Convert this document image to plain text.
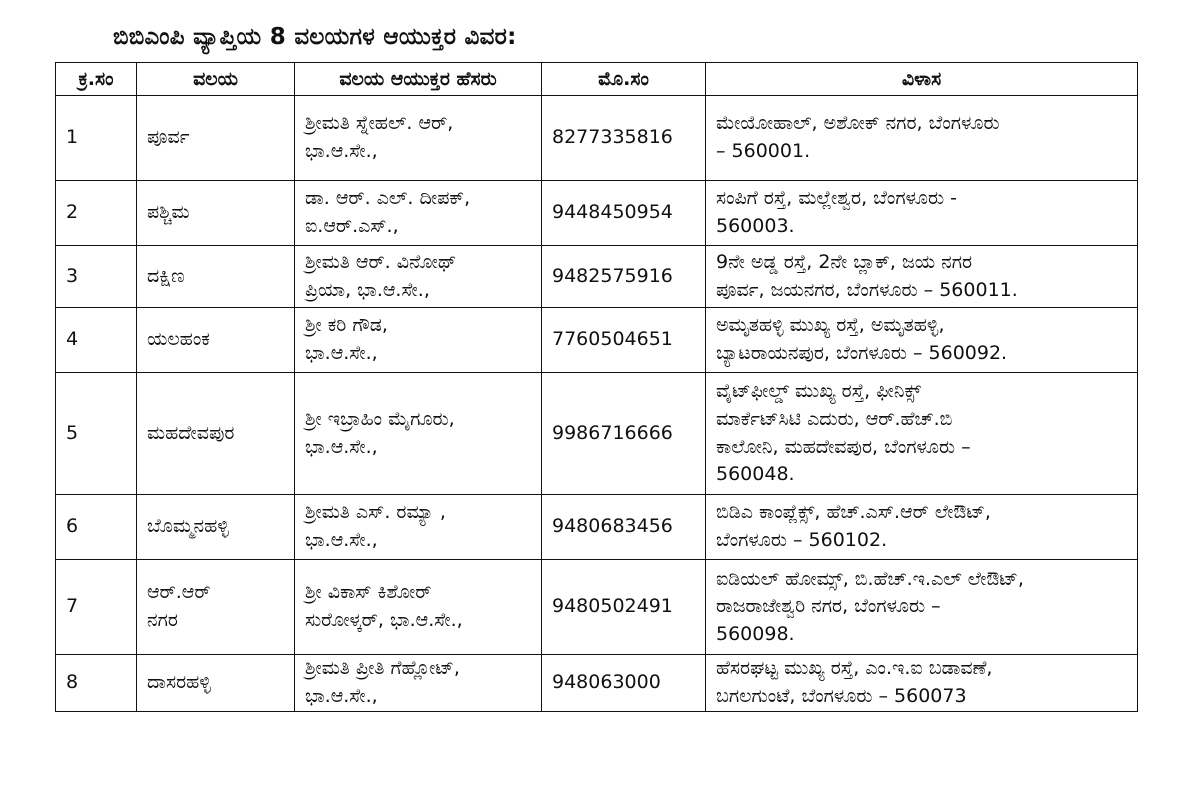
ಬಿಬಿಎಂಪಿ ವ್ಯಾಪ್ತಿಯ 8 ವಲಯಗಳ ಆಯುಕ್ತರ ವಿವರ:
ಕ್ರ.ಸಂ	ವಲಯ	ವಲಯ ಆಯುಕ್ತರ ಹೆಸರು	ಮೊ.ಸಂ	ವಿಳಾಸ
1	ಪೂರ್ವ	ಶ್ರೀಮತಿ ಸ್ನೇಹಲ್. ಆರ್,
ಭಾ.ಆ.ಸೇ.,	8277335816	ಮೇಯೋಹಾಲ್, ಅಶೋಕ್ ನಗರ, ಬೆಂಗಳೂರು
– 560001.

2	ಪಶ್ಚಿಮ	ಡಾ. ಆರ್. ಎಲ್. ದೀಪಕ್,
ಐ.ಆರ್.ಎಸ್.,	9448450954	ಸಂಪಿಗೆ ರಸ್ತೆ, ಮಲ್ಲೇಶ್ವರ, ಬೆಂಗಳೂರು -
560003.

3	ದಕ್ಷಿಣ	ಶ್ರೀಮತಿ ಆರ್. ವಿನೋಥ್
ಪ್ರಿಯಾ, ಭಾ.ಆ.ಸೇ.,	9482575916	9ನೇ ಅಡ್ಡ ರಸ್ತೆ, 2ನೇ ಬ್ಲಾಕ್, ಜಯ ನಗರ
ಪೂರ್ವ, ಜಯನಗರ, ಬೆಂಗಳೂರು – 560011.

4	ಯಲಹಂಕ	ಶ್ರೀ ಕರಿ ಗೌಡ,
ಭಾ.ಆ.ಸೇ.,	7760504651	ಅಮೃತಹಳ್ಳಿ ಮುಖ್ಯ ರಸ್ತೆ, ಅಮೃತಹಳ್ಳಿ,
ಬ್ಯಾಟರಾಯನಪುರ, ಬೆಂಗಳೂರು – 560092.

5	ಮಹದೇವಪುರ	ಶ್ರೀ ಇಬ್ರಾಹಿಂ ಮೈಗೂರು,
ಭಾ.ಆ.ಸೇ.,	9986716666	ವೈಟ್‌ಫೀಲ್ಡ್ ಮುಖ್ಯ ರಸ್ತೆ, ಫೀನಿಕ್ಸ್
ಮಾರ್ಕೆಟ್‌ಸಿಟಿ ಎದುರು, ಆರ್.ಹೆಚ್.ಬಿ
ಕಾಲೋನಿ, ಮಹದೇವಪುರ, ಬೆಂಗಳೂರು –
560048.

6	ಬೊಮ್ಮನಹಳ್ಳಿ	ಶ್ರೀಮತಿ ಎಸ್. ರಮ್ಯಾ ,
ಭಾ.ಆ.ಸೇ.,	9480683456	ಬಿಡಿಎ ಕಾಂಪ್ಲೆಕ್ಸ್, ಹೆಚ್.ಎಸ್.ಆರ್ ಲೇಔಟ್,
ಬೆಂಗಳೂರು – 560102.

7	ಆರ್.ಆರ್
ನಗರ	ಶ್ರೀ ವಿಕಾಸ್ ಕಿಶೋರ್
ಸುರೋಳ್ಕರ್, ಭಾ.ಆ.ಸೇ.,	9480502491	ಐಡಿಯಲ್ ಹೋಮ್ಸ್, ಬಿ.ಹೆಚ್.ಇ.ಎಲ್ ಲೇಔಟ್,
ರಾಜರಾಜೇಶ್ವರಿ ನಗರ, ಬೆಂಗಳೂರು –
560098.

8	ದಾಸರಹಳ್ಳಿ	ಶ್ರೀಮತಿ ಪ್ರೀತಿ ಗೆಹ್ಲೋಟ್,
ಭಾ.ಆ.ಸೇ.,	948063000	ಹೆಸರಘಟ್ಟ ಮುಖ್ಯ ರಸ್ತೆ, ಎಂ.ಇ.ಐ ಬಡಾವಣೆ,
ಬಗಲಗುಂಟೆ, ಬೆಂಗಳೂರು – 560073
